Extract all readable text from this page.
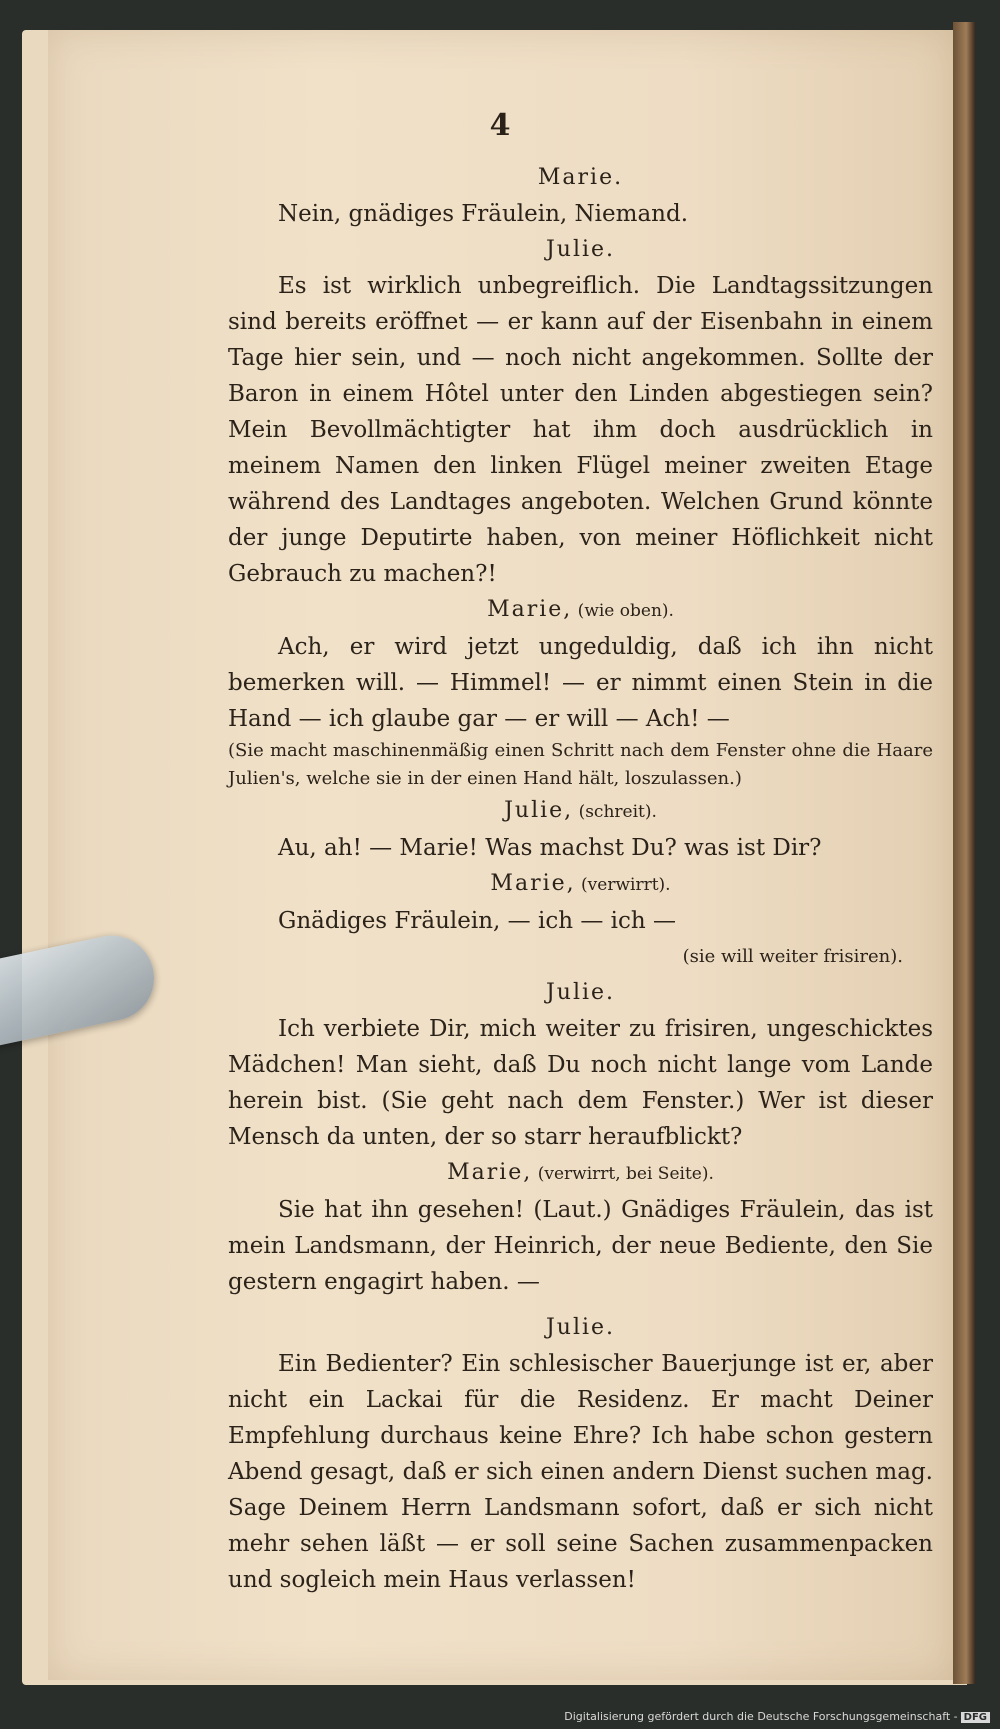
4
Marie.
Nein, gnädiges Fräulein, Niemand.
Julie.
Es ist wirklich unbegreiflich. Die Landtagssitzungen sind bereits eröffnet — er kann auf der Eisenbahn in einem Tage hier sein, und — noch nicht angekommen. Sollte der Baron in einem Hôtel unter den Linden abgestiegen sein? Mein Bevollmächtigter hat ihm doch ausdrücklich in meinem Namen den linken Flügel meiner zweiten Etage während des Landtages angeboten. Welchen Grund könnte der junge Deputirte haben, von meiner Höflichkeit nicht Gebrauch zu machen?!
Marie, (wie oben).
Ach, er wird jetzt ungeduldig, daß ich ihn nicht bemerken will. — Himmel! — er nimmt einen Stein in die Hand — ich glaube gar — er will — Ach! —
(Sie macht maschinenmäßig einen Schritt nach dem Fenster ohne die Haare Julien's, welche sie in der einen Hand hält, loszulassen.)
Julie, (schreit).
Au, ah! — Marie! Was machst Du? was ist Dir?
Marie, (verwirrt).
Gnädiges Fräulein, — ich — ich —
(sie will weiter frisiren).
Julie.
Ich verbiete Dir, mich weiter zu frisiren, ungeschicktes Mädchen! Man sieht, daß Du noch nicht lange vom Lande herein bist. (Sie geht nach dem Fenster.) Wer ist dieser Mensch da unten, der so starr heraufblickt?
Marie, (verwirrt, bei Seite).
Sie hat ihn gesehen! (Laut.) Gnädiges Fräulein, das ist mein Landsmann, der Heinrich, der neue Bediente, den Sie gestern engagirt haben. —
Julie.
Ein Bedienter? Ein schlesischer Bauerjunge ist er, aber nicht ein Lackai für die Residenz. Er macht Deiner Empfehlung durchaus keine Ehre? Ich habe schon gestern Abend gesagt, daß er sich einen andern Dienst suchen mag. Sage Deinem Herrn Landsmann sofort, daß er sich nicht mehr sehen läßt — er soll seine Sachen zusammenpacken und sogleich mein Haus verlassen!
Digitalisierung gefördert durch die Deutsche Forschungsgemeinschaft - DFG
